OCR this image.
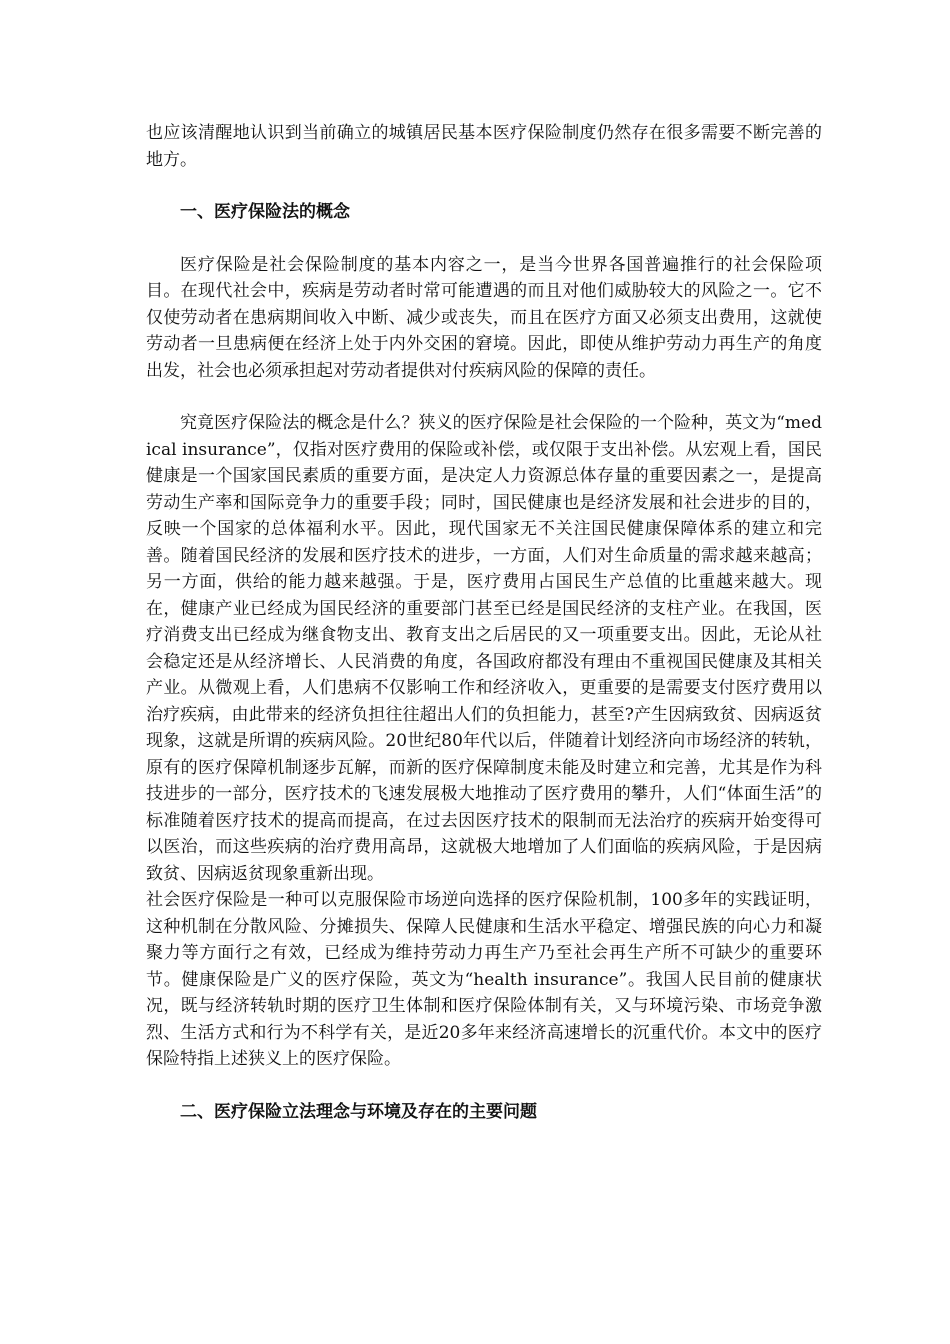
也应该清醒地认识到当前确立的城镇居民基本医疗保险制度仍然存在很多需要不断完善的地方。

一、医疗保险法的概念

医疗保险是社会保险制度的基本内容之一，是当今世界各国普遍推行的社会保险项目。在现代社会中，疾病是劳动者时常可能遭遇的而且对他们威胁较大的风险之一。它不仅使劳动者在患病期间收入中断、减少或丧失，而且在医疗方面又必须支出费用，这就使劳动者一旦患病便在经济上处于内外交困的窘境。因此，即使从维护劳动力再生产的角度出发，社会也必须承担起对劳动者提供对付疾病风险的保障的责任。

究竟医疗保险法的概念是什么？狭义的医疗保险是社会保险的一个险种，英文为“medical insurance”，仅指对医疗费用的保险或补偿，或仅限于支出补偿。从宏观上看，国民健康是一个国家国民素质的重要方面，是决定人力资源总体存量的重要因素之一，是提高劳动生产率和国际竞争力的重要手段；同时，国民健康也是经济发展和社会进步的目的，反映一个国家的总体福利水平。因此，现代国家无不关注国民健康保障体系的建立和完善。随着国民经济的发展和医疗技术的进步，一方面，人们对生命质量的需求越来越高；另一方面，供给的能力越来越强。于是，医疗费用占国民生产总值的比重越来越大。现在，健康产业已经成为国民经济的重要部门甚至已经是国民经济的支柱产业。在我国，医疗消费支出已经成为继食物支出、教育支出之后居民的又一项重要支出。因此，无论从社会稳定还是从经济增长、人民消费的角度，各国政府都没有理由不重视国民健康及其相关产业。从微观上看，人们患病不仅影响工作和经济收入，更重要的是需要支付医疗费用以治疗疾病，由此带来的经济负担往往超出人们的负担能力，甚至?产生因病致贫、因病返贫现象，这就是所谓的疾病风险。20世纪80年代以后，伴随着计划经济向市场经济的转轨，原有的医疗保障机制逐步瓦解，而新的医疗保障制度未能及时建立和完善，尤其是作为科技进步的一部分，医疗技术的飞速发展极大地推动了医疗费用的攀升，人们“体面生活”的标准随着医疗技术的提高而提高，在过去因医疗技术的限制而无法治疗的疾病开始变得可以医治，而这些疾病的治疗费用高昂，这就极大地增加了人们面临的疾病风险，于是因病致贫、因病返贫现象重新出现。

社会医疗保险是一种可以克服保险市场逆向选择的医疗保险机制，100多年的实践证明，这种机制在分散风险、分摊损失、保障人民健康和生活水平稳定、增强民族的向心力和凝聚力等方面行之有效，已经成为维持劳动力再生产乃至社会再生产所不可缺少的重要环节。健康保险是广义的医疗保险，英文为“health insurance”。我国人民目前的健康状况，既与经济转轨时期的医疗卫生体制和医疗保险体制有关，又与环境污染、市场竞争激烈、生活方式和行为不科学有关，是近20多年来经济高速增长的沉重代价。本文中的医疗保险特指上述狭义上的医疗保险。

二、医疗保险立法理念与环境及存在的主要问题
